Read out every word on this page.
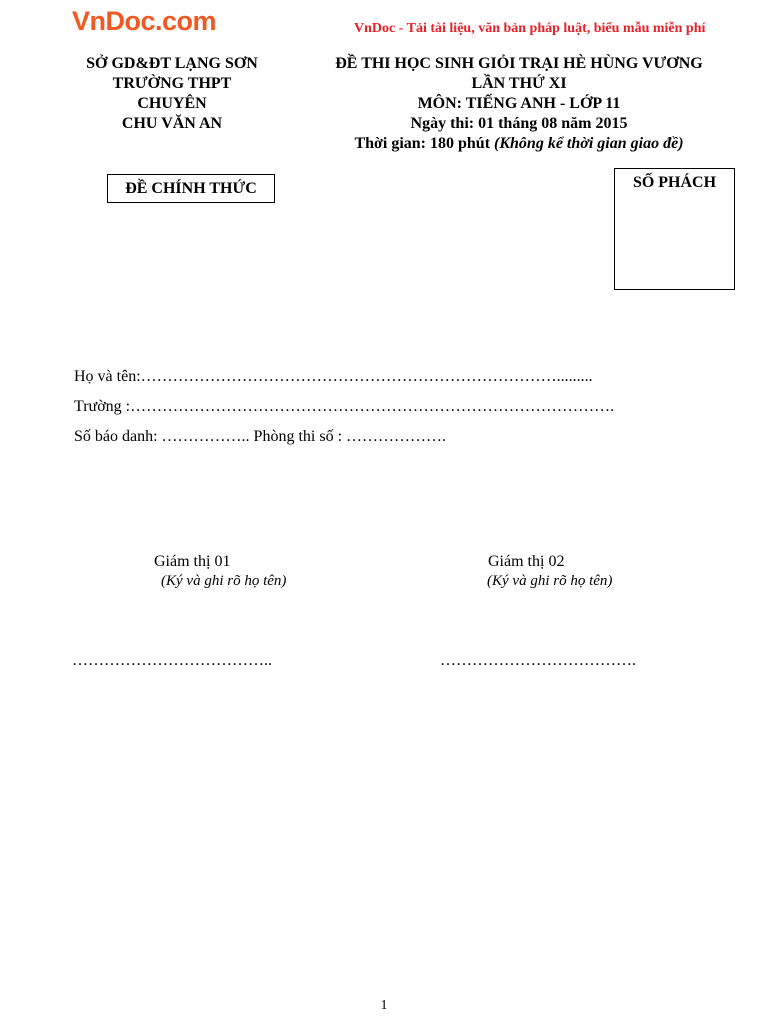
VnDoc.com	VnDoc - Tải tài liệu, văn bản pháp luật, biểu mẫu miễn phí
SỞ GD&ĐT LẠNG SƠN
TRƯỜNG THPT
CHUYÊN
CHU VĂN AN
ĐỀ THI HỌC SINH GIỎI TRẠI HÈ HÙNG VƯƠNG
LẦN THỨ XI
MÔN: TIẾNG ANH - LỚP 11
Ngày thi: 01 tháng 08 năm 2015
Thời gian: 180 phút (Không kể thời gian giao đề)
ĐỀ CHÍNH THỨC	SỐ PHÁCH
Họ và tên:…………………………………………………………………….........
Trường :……………………………………………………………………………….
Số báo danh: …………….. Phòng thi số : ……………….
Giám thị 01
(Ký và ghi rõ họ tên)
Giám thị 02
(Ký và ghi rõ họ tên)
………………………………..	……………………………….
1
